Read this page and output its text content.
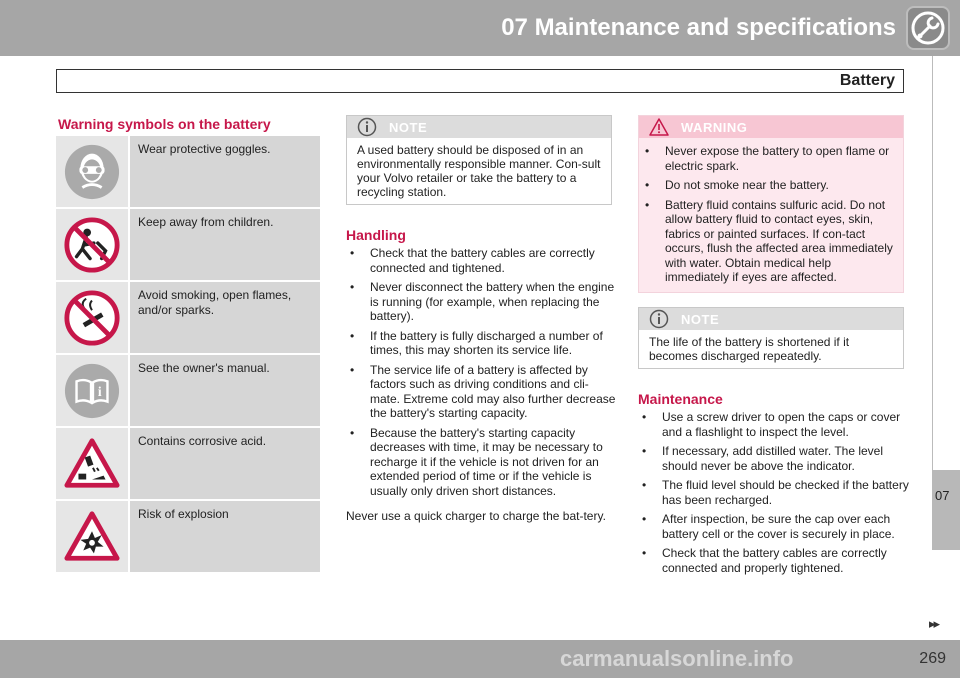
07 Maintenance and specifications
Battery
07
Warning symbols on the battery
Wear protective goggles.
Keep away from children.
Avoid smoking, open flames, and/or sparks.
i
See the owner's manual.
Contains corrosive acid.
Risk of explosion
NOTE
A used battery should be disposed of in an environmentally responsible manner. Con-sult your Volvo retailer or take the battery to a recycling station.
Handling
• Check that the battery cables are correctly connected and tightened.
• Never disconnect the battery when the engine is running (for example, when replacing the battery).
• If the battery is fully discharged a number of times, this may shorten its service life.
• The service life of a battery is affected by factors such as driving conditions and cli-mate. Extreme cold may also further decrease the battery's starting capacity.
• Because the battery's starting capacity decreases with time, it may be necessary to recharge it if the vehicle is not driven for an extended period of time or if the vehicle is usually only driven short distances.
Never use a quick charger to charge the bat-tery.
WARNING
• Never expose the battery to open flame or electric spark.
• Do not smoke near the battery.
• Battery fluid contains sulfuric acid. Do not allow battery fluid to contact eyes, skin, fabrics or painted surfaces. If con-tact occurs, flush the affected area immediately with water. Obtain medical help immediately if eyes are affected.
NOTE
The life of the battery is shortened if it becomes discharged repeatedly.
Maintenance
• Use a screw driver to open the caps or cover and a flashlight to inspect the level.
• If necessary, add distilled water. The level should never be above the indicator.
• The fluid level should be checked if the battery has been recharged.
• After inspection, be sure the cap over each battery cell or the cover is securely in place.
• Check that the battery cables are correctly connected and properly tightened.
▸▸
carmanualsonline.info	269
